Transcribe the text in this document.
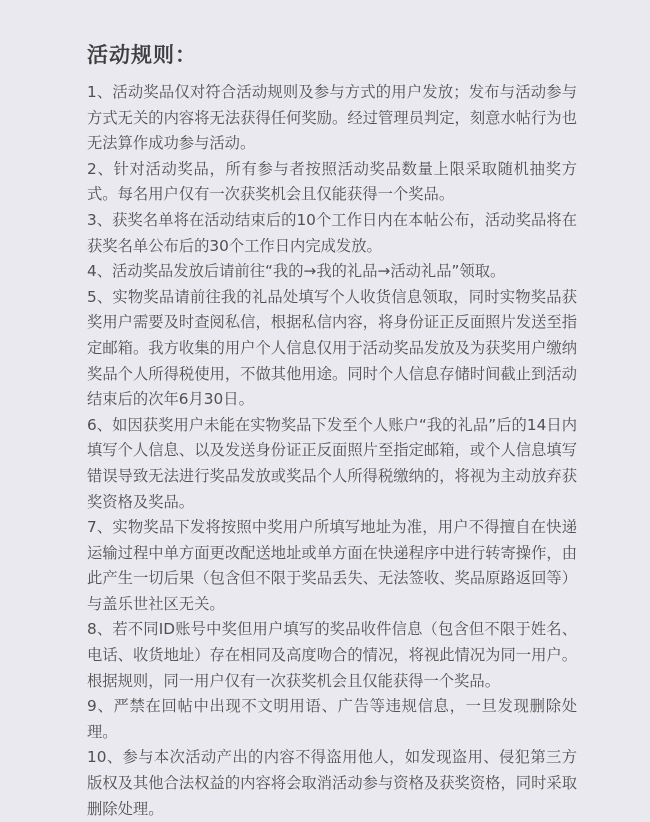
活动规则：
1、活动奖品仅对符合活动规则及参与方式的用户发放；发布与活动参与方式无关的内容将无法获得任何奖励。经过管理员判定，刻意水帖行为也无法算作成功参与活动。
2、针对活动奖品，所有参与者按照活动奖品数量上限采取随机抽奖方式。每名用户仅有一次获奖机会且仅能获得一个奖品。
3、获奖名单将在活动结束后的10个工作日内在本帖公布，活动奖品将在获奖名单公布后的30个工作日内完成发放。
4、活动奖品发放后请前往“我的→我的礼品→活动礼品”领取。
5、实物奖品请前往我的礼品处填写个人收货信息领取，同时实物奖品获奖用户需要及时查阅私信，根据私信内容，将身份证正反面照片发送至指定邮箱。我方收集的用户个人信息仅用于活动奖品发放及为获奖用户缴纳奖品个人所得税使用，不做其他用途。同时个人信息存储时间截止到活动结束后的次年6月30日。
6、如因获奖用户未能在实物奖品下发至个人账户“我的礼品”后的14日内填写个人信息、以及发送身份证正反面照片至指定邮箱，或个人信息填写错误导致无法进行奖品发放或奖品个人所得税缴纳的，将视为主动放弃获奖资格及奖品。
7、实物奖品下发将按照中奖用户所填写地址为准，用户不得擅自在快递运输过程中单方面更改配送地址或单方面在快递程序中进行转寄操作，由此产生一切后果（包含但不限于奖品丢失、无法签收、奖品原路返回等）与盖乐世社区无关。
8、若不同ID账号中奖但用户填写的奖品收件信息（包含但不限于姓名、电话、收货地址）存在相同及高度吻合的情况，将视此情况为同一用户。根据规则，同一用户仅有一次获奖机会且仅能获得一个奖品。
9、严禁在回帖中出现不文明用语、广告等违规信息，一旦发现删除处理。
10、参与本次活动产出的内容不得盗用他人，如发现盗用、侵犯第三方版权及其他合法权益的内容将会取消活动参与资格及获奖资格，同时采取删除处理。
